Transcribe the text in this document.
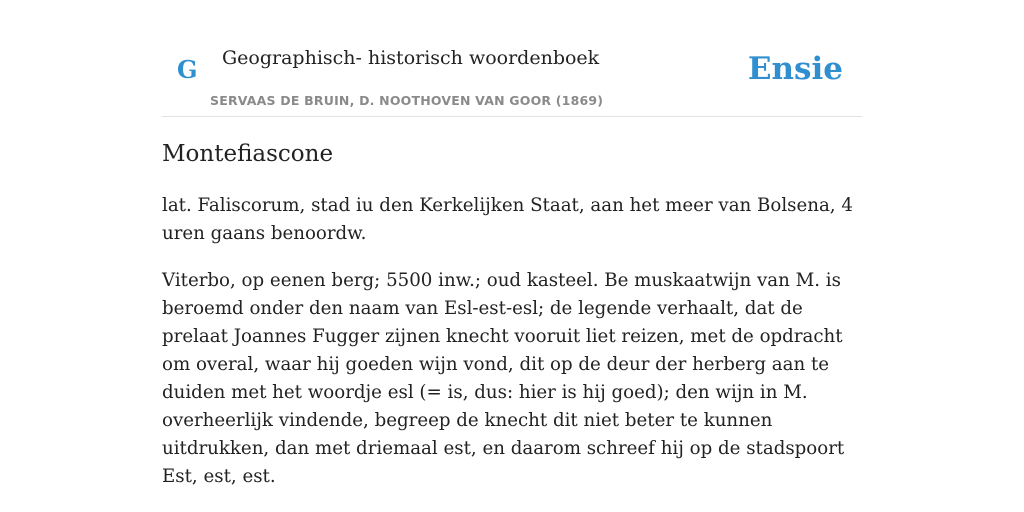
G Geographisch- historisch woordenboek
SERVAAS DE BRUIN, D. NOOTHOVEN VAN GOOR (1869)
Ensie
Montefiascone

lat. Faliscorum, stad iu den Kerkelijken Staat, aan het meer van Bolsena, 4 uren gaans benoordw.

Viterbo, op eenen berg; 5500 inw.; oud kasteel. Be muskaatwijn van M. is beroemd onder den naam van Esl-est-esl; de legende verhaalt, dat de prelaat Joannes Fugger zijnen knecht vooruit liet reizen, met de opdracht om overal, waar hij goeden wijn vond, dit op de deur der herberg aan te duiden met het woordje esl (= is, dus: hier is hij goed); den wijn in M. overheerlijk vindende, begreep de knecht dit niet beter te kunnen uitdrukken, dan met driemaal est, en daarom schreef hij op de stadspoort Est, est, est.
